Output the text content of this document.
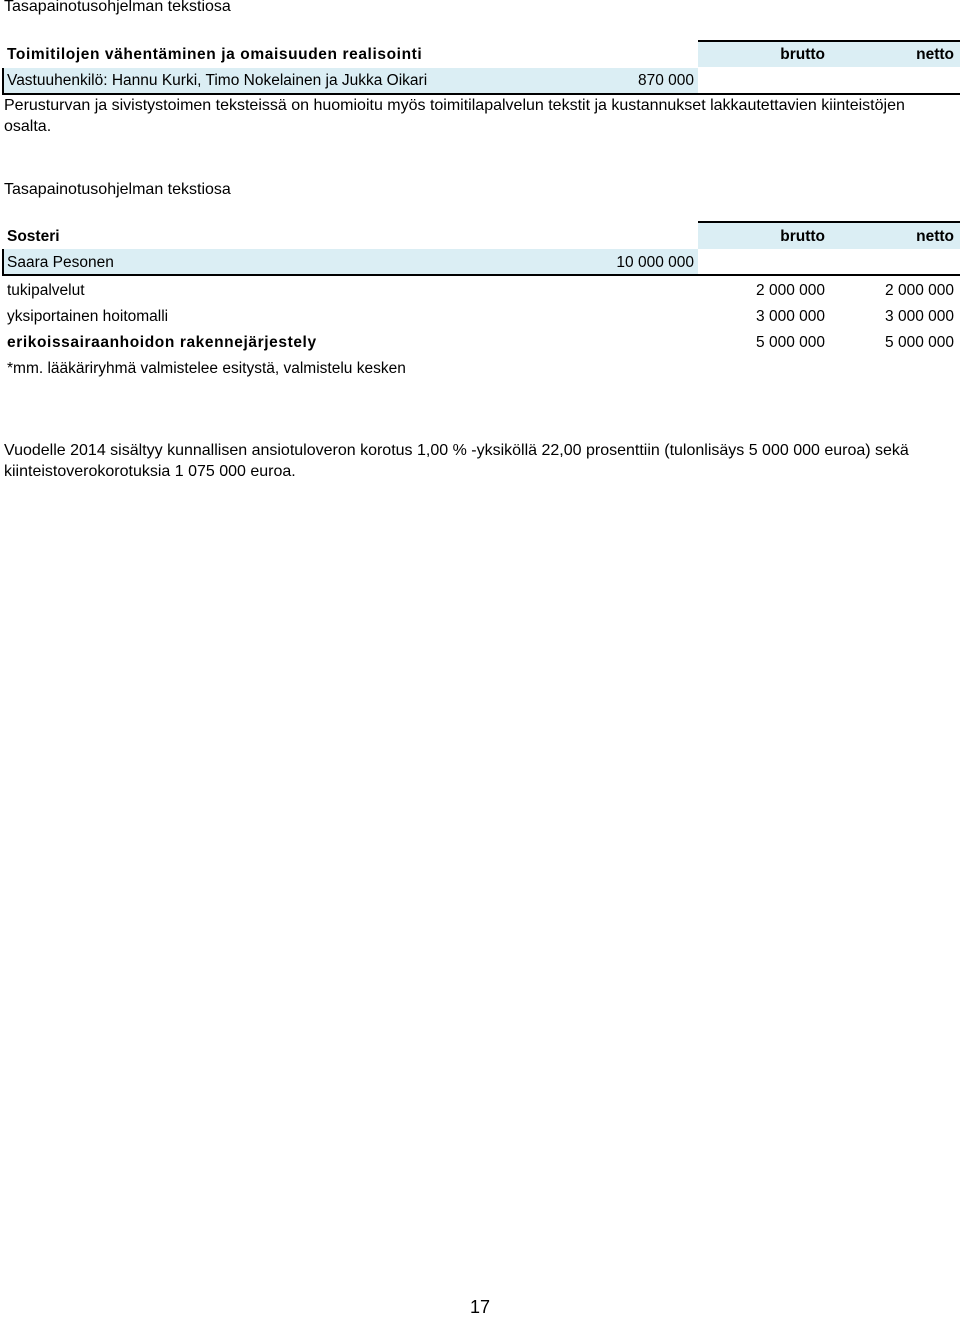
Tasapainotusohjelman tekstiosa
Toimitilojen vähentäminen ja omaisuuden realisointi	brutto	netto
Vastuuhenkilö: Hannu Kurki, Timo Nokelainen ja Jukka Oikari	870 000
Perusturvan ja sivistystoimen teksteissä on huomioitu myös toimitilapalvelun tekstit ja kustannukset lakkautettavien kiinteistöjen osalta.
Tasapainotusohjelman tekstiosa
Sosteri	brutto	netto
Saara Pesonen	10 000 000
tukipalvelut	2 000 000	2 000 000
yksiportainen hoitomalli	3 000 000	3 000 000
erikoissairaanhoidon rakennejärjestely	5 000 000	5 000 000
*mm. lääkäriryhmä valmistelee esitystä, valmistelu kesken
Vuodelle 2014 sisältyy kunnallisen ansiotuloveron korotus 1,00 % -yksiköllä 22,00 prosenttiin (tulonlisäys 5 000 000 euroa) sekä kiinteistoverokorotuksia 1 075 000 euroa.
17
